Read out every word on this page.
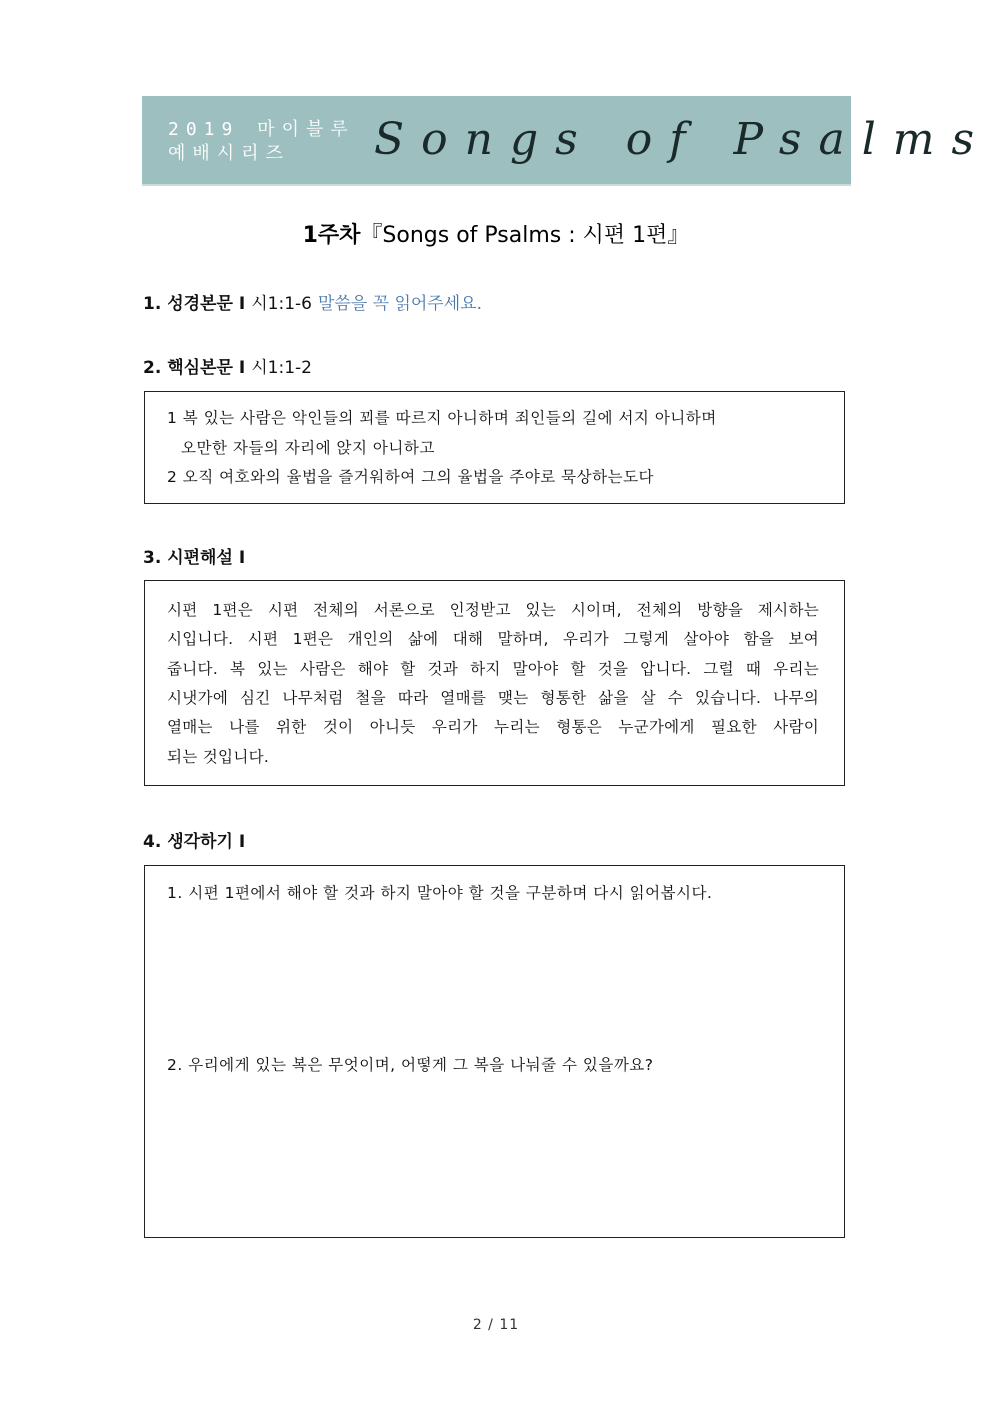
2019 마이블루
예배시리즈	Songs of Psalms
1주차『Songs of Psalms : 시편 1편』
1. 성경본문 I 시1:1-6 말씀을 꼭 읽어주세요.
2. 핵심본문 I 시1:1-2
1 복 있는 사람은 악인들의 꾀를 따르지 아니하며 죄인들의 길에 서지 아니하며
오만한 자들의 자리에 앉지 아니하고
2 오직 여호와의 율법을 즐거워하여 그의 율법을 주야로 묵상하는도다
3. 시편해설 I
시편 1편은 시편 전체의 서론으로 인정받고 있는 시이며, 전체의 방향을 제시하는
시입니다. 시편 1편은 개인의 삶에 대해 말하며, 우리가 그렇게 살아야 함을 보여
줍니다. 복 있는 사람은 해야 할 것과 하지 말아야 할 것을 압니다. 그럴 때 우리는
시냇가에 심긴 나무처럼 철을 따라 열매를 맺는 형통한 삶을 살 수 있습니다. 나무의
열매는 나를 위한 것이 아니듯 우리가 누리는 형통은 누군가에게 필요한 사람이
되는 것입니다.
4. 생각하기 I
1. 시편 1편에서 해야 할 것과 하지 말아야 할 것을 구분하며 다시 읽어봅시다.
2. 우리에게 있는 복은 무엇이며, 어떻게 그 복을 나눠줄 수 있을까요?
2 / 11
